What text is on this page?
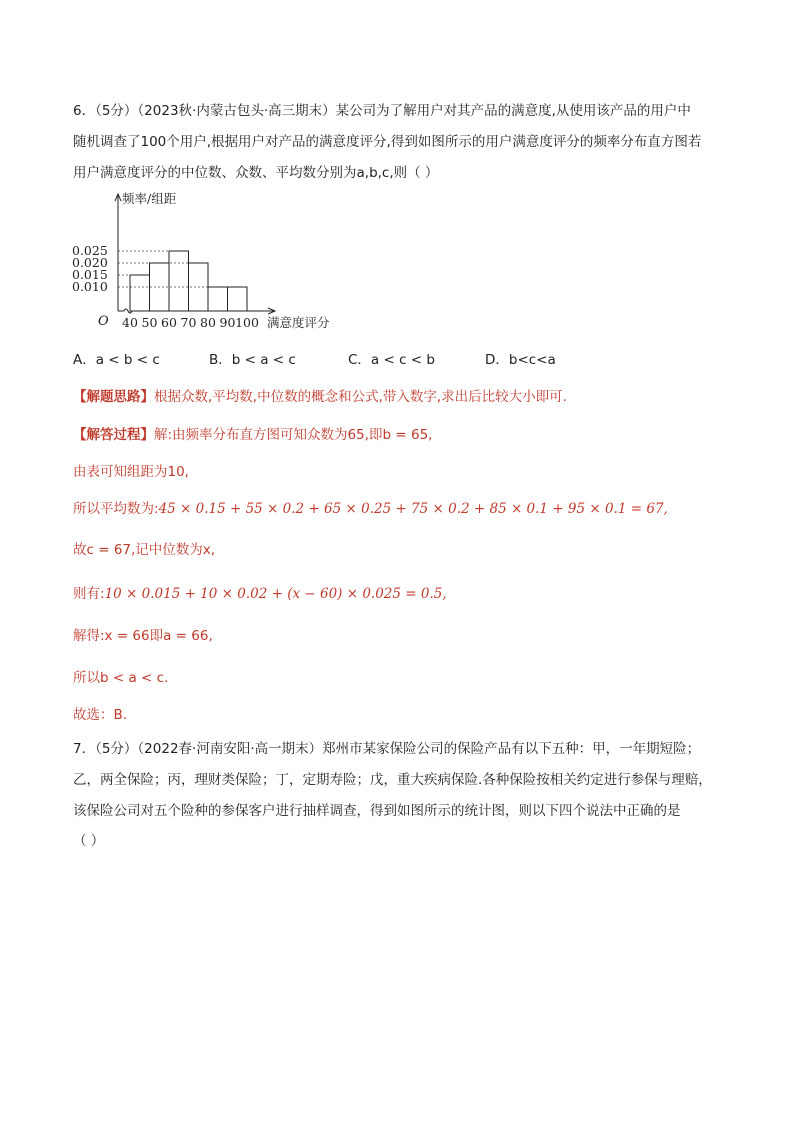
6．（5分）（2023秋·内蒙古包头·高三期末）某公司为了解用户对其产品的满意度,从使用该产品的用户中
随机调查了100个用户,根据用户对产品的满意度评分,得到如图所示的用户满意度评分的频率分布直方图若
用户满意度评分的中位数、众数、平均数分别为a,b,c,则（ ）
频率/组距
O
0.010
0.015
0.020
0.025
40 50 60 70 80 90 100 满意度评分
A．a < b < c	B．b < a < c	C．a < c < b	D．b<c<a
【解题思路】根据众数,平均数,中位数的概念和公式,带入数字,求出后比较大小即可.
【解答过程】解:由频率分布直方图可知众数为65,即b = 65,
由表可知组距为10,
所以平均数为:45 × 0.15 + 55 × 0.2 + 65 × 0.25 + 75 × 0.2 + 85 × 0.1 + 95 × 0.1 = 67,
故c = 67,记中位数为x,
则有:10 × 0.015 + 10 × 0.02 + (x − 60) × 0.025 = 0.5,
解得:x = 66即a = 66,
所以b < a < c.
故选：B.
7．（5分）（2022春·河南安阳·高一期末）郑州市某家保险公司的保险产品有以下五种：甲，一年期短险；
乙，两全保险；丙，理财类保险；丁，定期寿险；戊，重大疾病保险.各种保险按相关约定进行参保与理赔，
该保险公司对五个险种的参保客户进行抽样调查，得到如图所示的统计图，则以下四个说法中正确的是
（ ）
